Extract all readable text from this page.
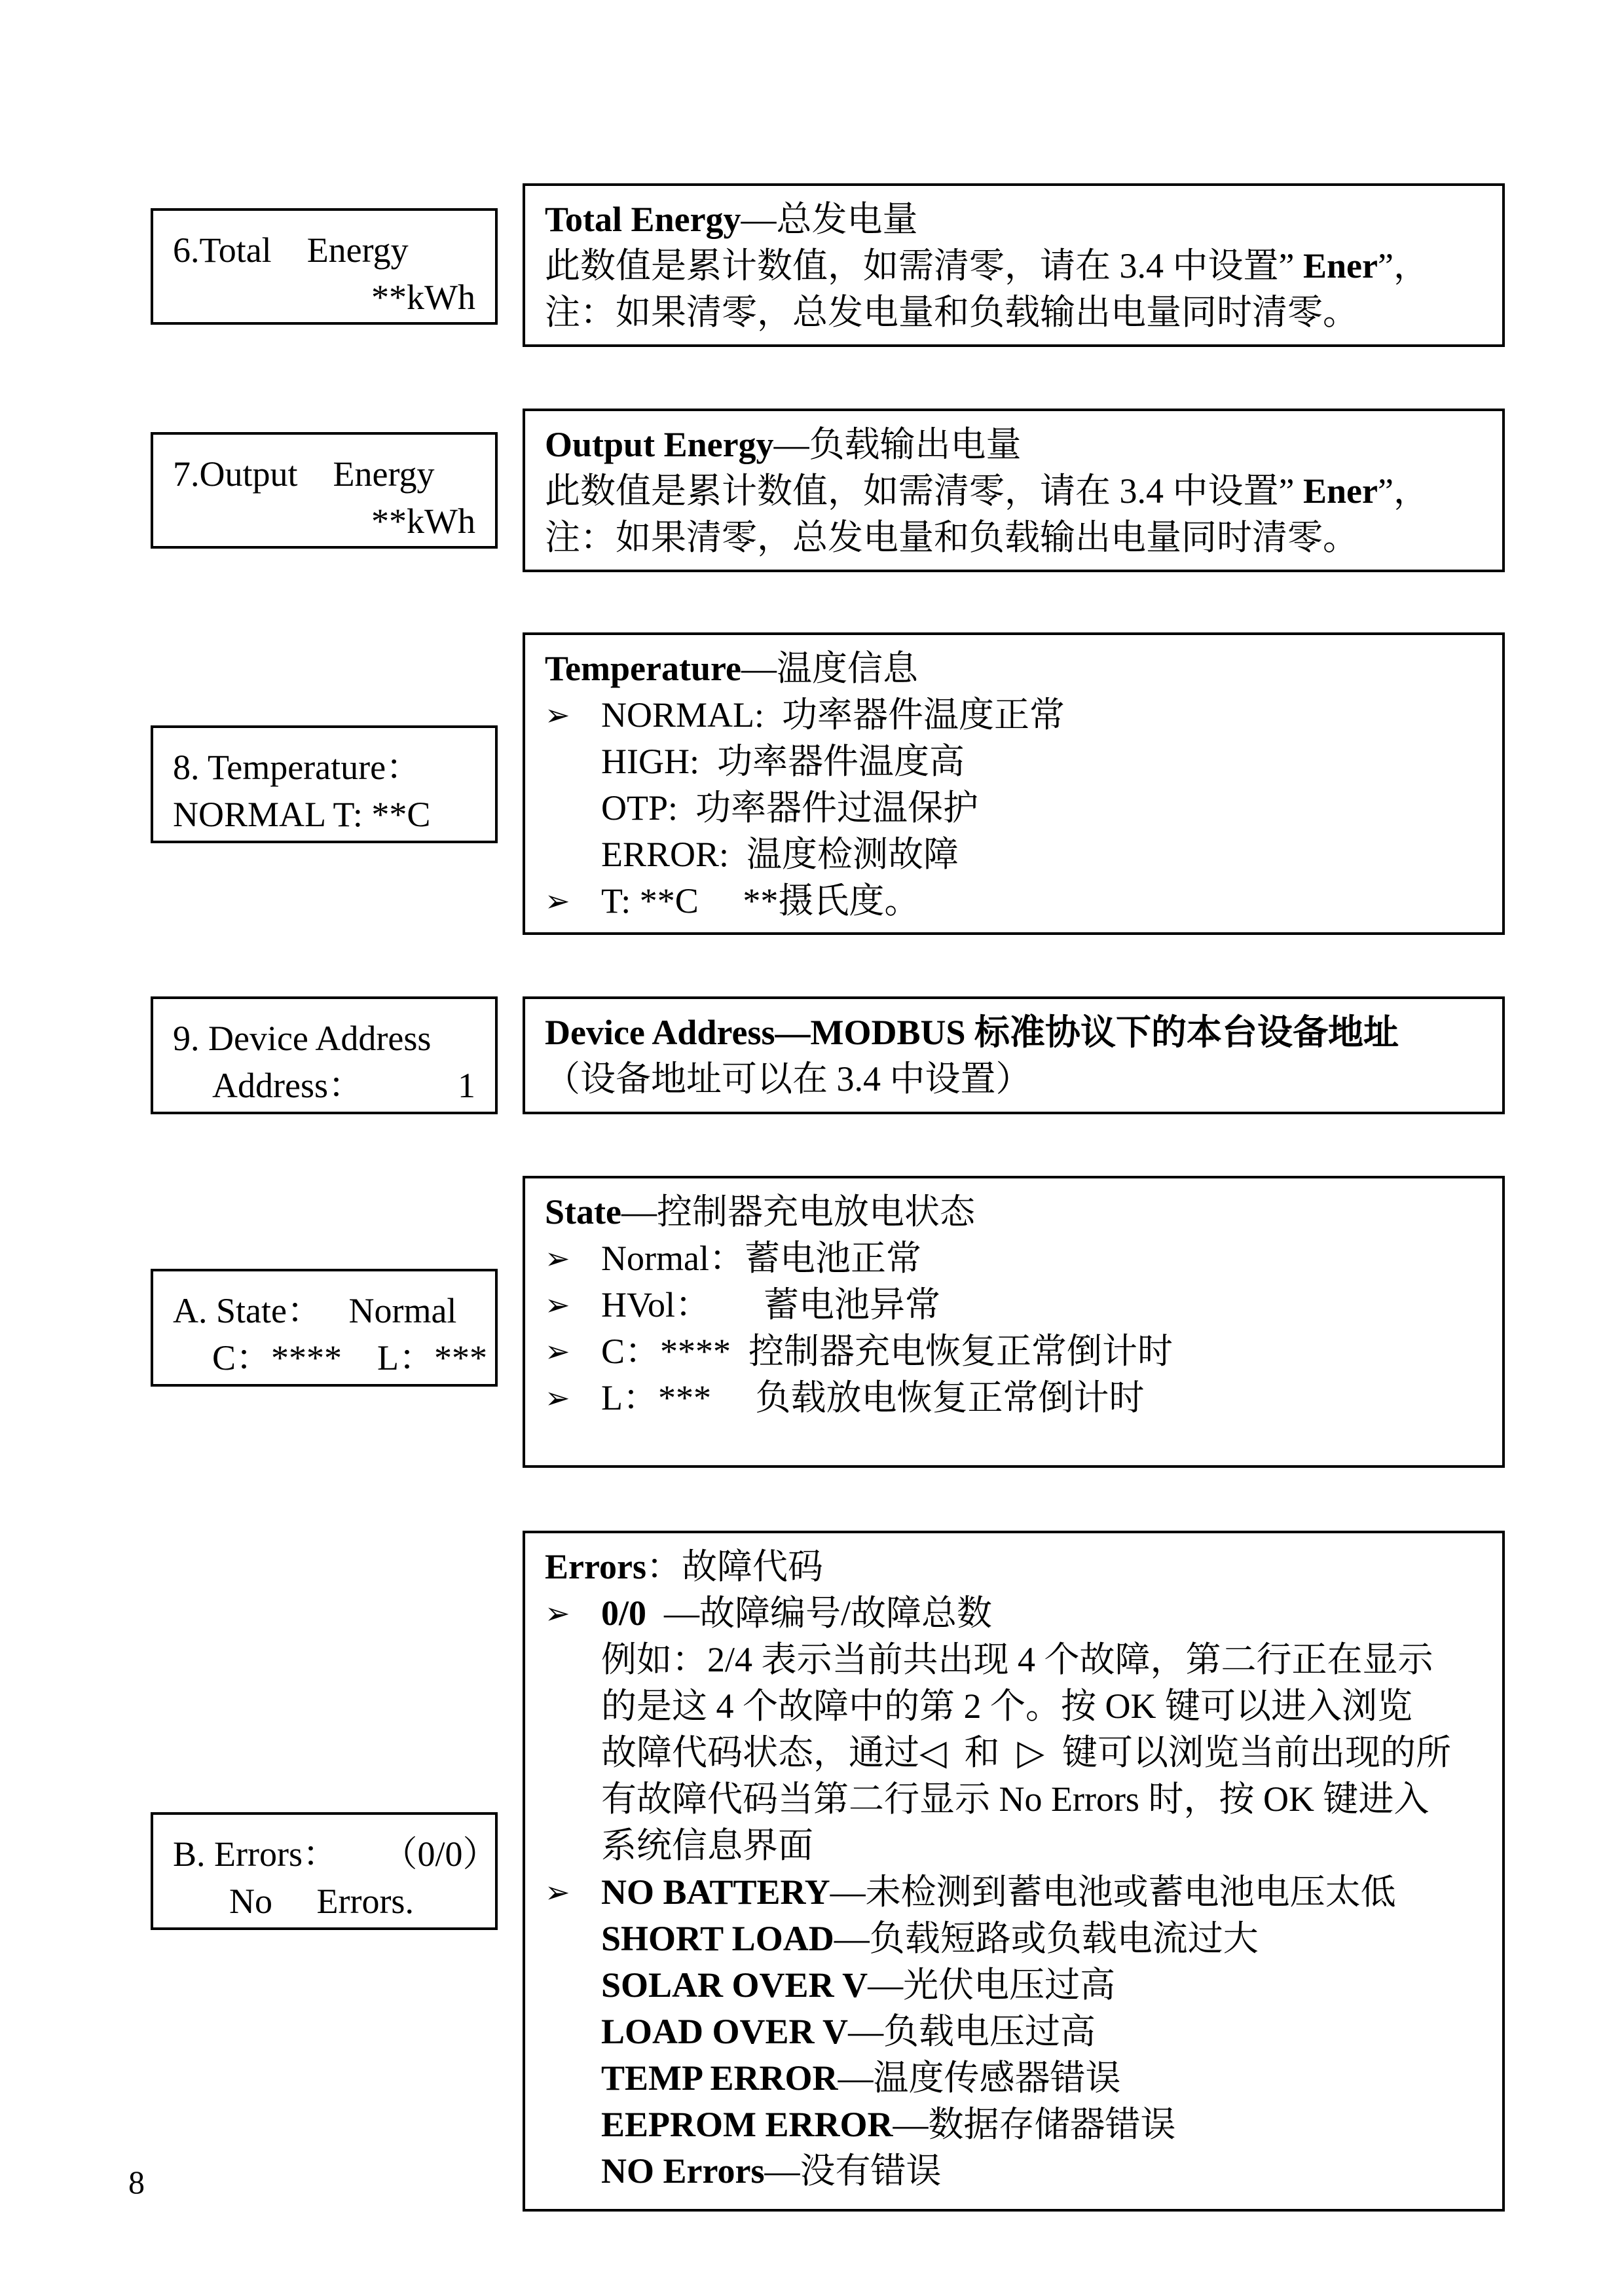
6.Total    Energy
**kWh
Total Energy—总发电量
此数值是累计数值，如需清零，请在 3.4 中设置” Ener”，
注：如果清零，总发电量和负载输出电量同时清零。
7.Output    Energy
**kWh
Output Energy—负载输出电量
此数值是累计数值，如需清零，请在 3.4 中设置” Ener”，
注：如果清零，总发电量和负载输出电量同时清零。
8. Temperature：
NORMAL T: **C
Temperature—温度信息
➢ NORMAL:  功率器件温度正常
HIGH:  功率器件温度高
OTP:  功率器件过温保护
ERROR:  温度检测故障
➢ T: **C     **摄氏度。
9. Device Address
Address：	1
Device Address—MODBUS 标准协议下的本台设备地址
（设备地址可以在 3.4 中设置）
A. State：   Normal
C：****    L：***
State—控制器充电放电状态
➢ Normal：蓄电池正常
➢ HVol：      蓄电池异常
➢ C：****  控制器充电恢复正常倒计时
➢ L：***     负载放电恢复正常倒计时
B. Errors：     （0/0）
No     Errors.
Errors：故障代码
➢ 0/0  —故障编号/故障总数
例如：2/4 表示当前共出现 4 个故障，第二行正在显示
的是这 4 个故障中的第 2 个。按 OK 键可以进入浏览
故障代码状态，通过◁  和  ▷  键可以浏览当前出现的所
有故障代码当第二行显示 No Errors 时，按 OK 键进入
系统信息界面
➢ NO BATTERY—未检测到蓄电池或蓄电池电压太低
SHORT LOAD—负载短路或负载电流过大
SOLAR OVER V—光伏电压过高
LOAD OVER V—负载电压过高
TEMP ERROR—温度传感器错误
EEPROM ERROR—数据存储器错误
NO Errors—没有错误
8
